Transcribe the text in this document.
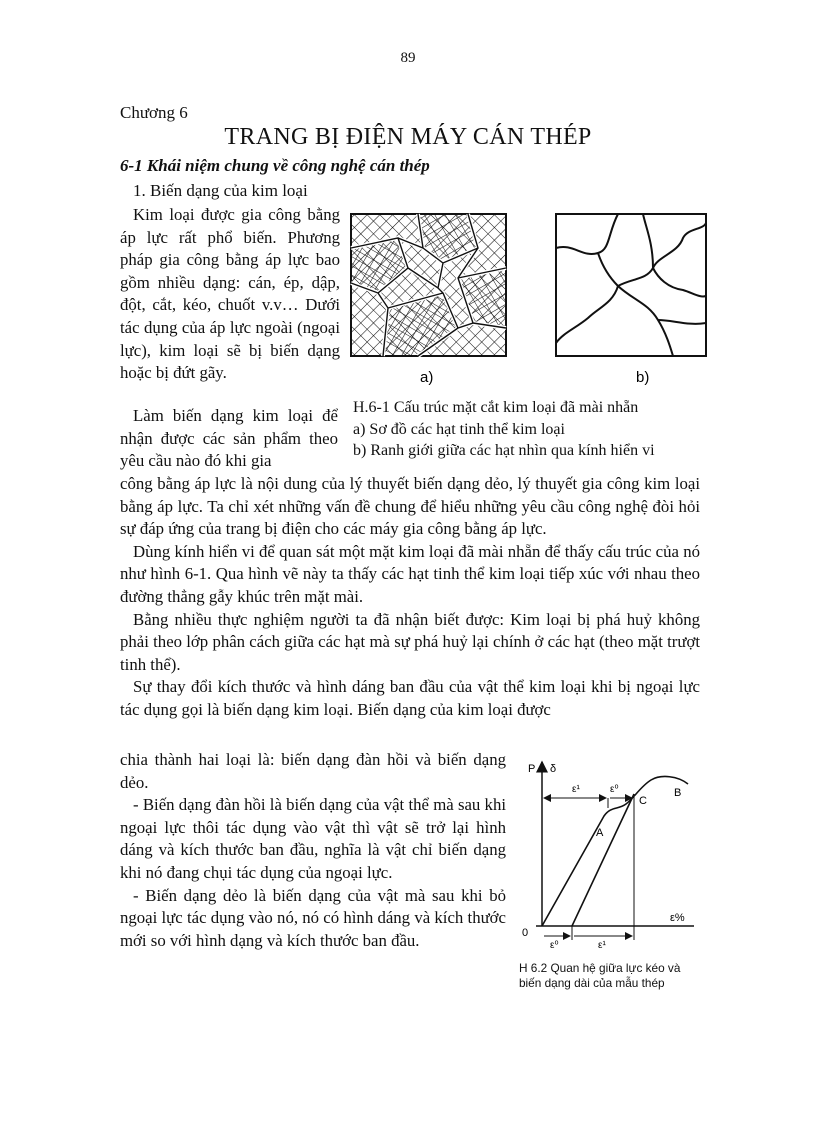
89
Chương 6
TRANG BỊ ĐIỆN MÁY CÁN THÉP
6-1 Khái niệm chung về công nghệ cán thép
1. Biến dạng của kim loại

Kim loại được gia công bằng áp lực rất phổ biến. Phương pháp gia công bằng áp lực bao gồm nhiều dạng: cán, ép, dập, đột, cắt, kéo, chuốt v.v… Dưới tác dụng của áp lực ngoài (ngoại lực), kim loại sẽ bị biến dạng hoặc bị đứt gãy.	a)	b)
H.6-1 Cấu trúc mặt cắt kim loại đã mài nhẵn
a) Sơ đồ các hạt tinh thể kim loại
b) Ranh giới giữa các hạt nhìn qua kính hiển vi

Làm biến dạng kim loại để nhận được các sản phẩm theo yêu cầu nào đó khi gia

công bằng áp lực là nội dung của lý thuyết biến dạng dẻo, lý thuyết gia công kim loại bằng áp lực. Ta chỉ xét những vấn đề chung để hiểu những yêu cầu công nghệ đòi hỏi sự đáp ứng của trang bị điện cho các máy gia công bằng áp lực.

Dùng kính hiển vi để quan sát một mặt kim loại đã mài nhẵn để thấy cấu trúc của nó như hình 6-1. Qua hình vẽ này ta thấy các hạt tinh thể kim loại tiếp xúc với nhau theo đường thẳng gẫy khúc trên mặt mài.

Bằng nhiều thực nghiệm người ta đã nhận biết được: Kim loại bị phá huỷ không phải theo lớp phân cách giữa các hạt mà sự phá huỷ lại chính ở các hạt (theo mặt trượt tinh thể).

Sự thay đổi kích thước và hình dáng ban đầu của vật thể kim loại khi bị ngoại lực tác dụng gọi là biến dạng kim loại. Biến dạng của kim loại được

chia thành hai loại là: biến dạng đàn hồi và biến dạng dẻo.

- Biến dạng đàn hồi là biến dạng của vật thể mà sau khi ngoại lực thôi tác dụng vào vật thì vật sẽ trở lại hình dáng và kích thước ban đầu, nghĩa là vật chỉ biến dạng khi nó đang chụi tác dụng của ngoại lực.

- Biến dạng dẻo là biến dạng của vật mà sau khi bỏ ngoại lực tác dụng vào nó, nó có hình dáng và kích thước mới so với hình dạng và kích thước ban đầu.

P δ
ε%
0
ε¹	ε⁰
ε⁰	ε¹
A
B
C
H 6.2 Quan hệ giữa lực kéo và
biến dạng dài của mẫu thép
